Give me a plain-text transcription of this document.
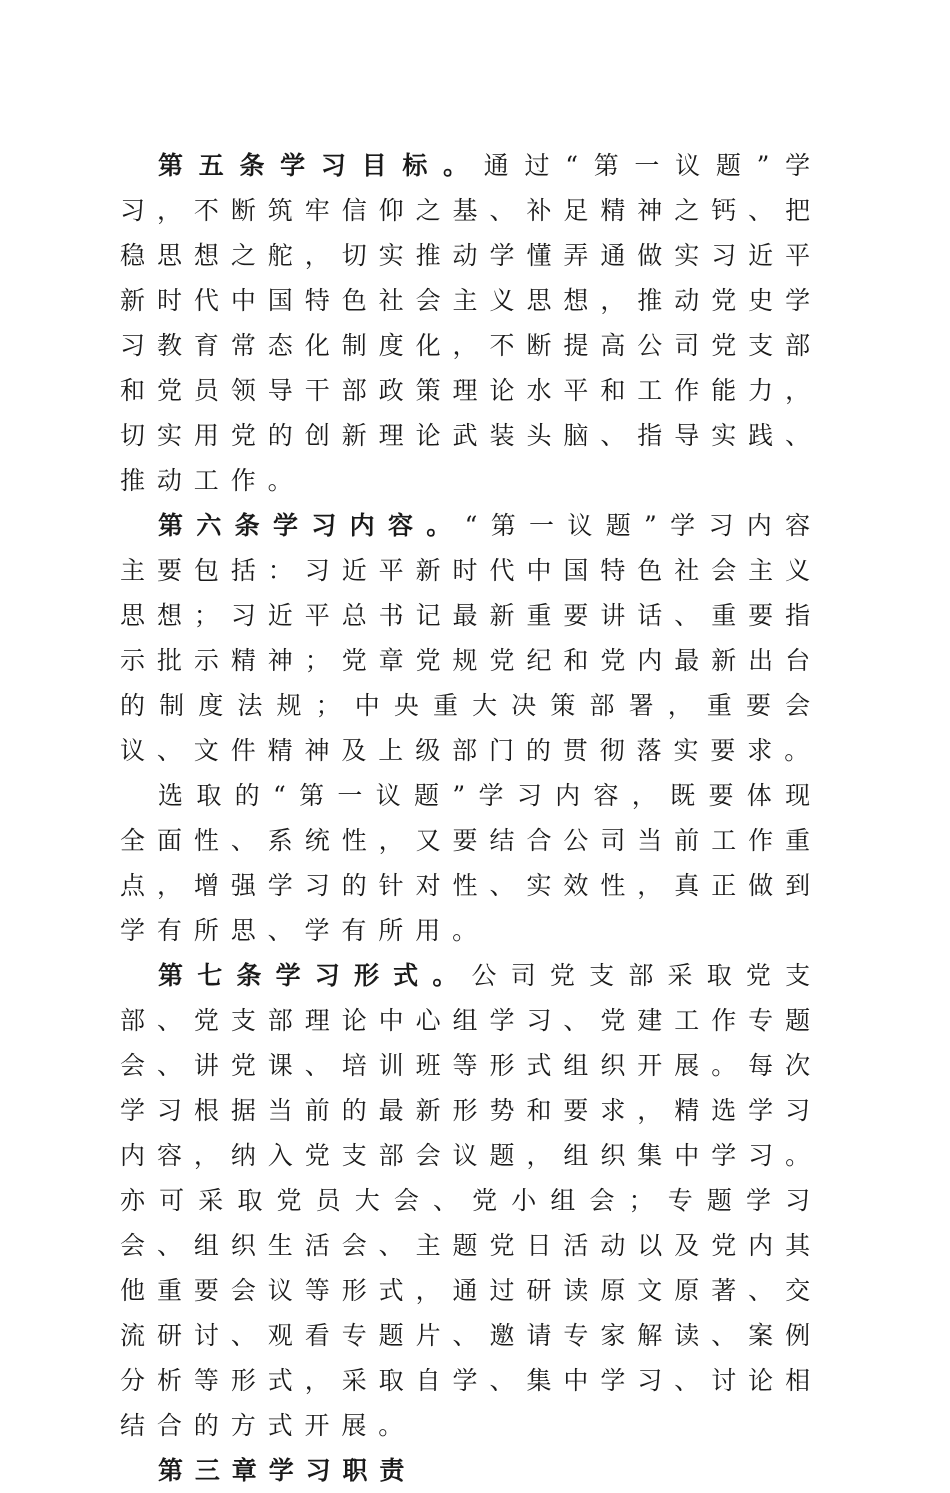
第五条学习目标。通过“第一议题”学习，不断筑牢信仰之基、补足精神之钙、把稳思想之舵，切实推动学懂弄通做实习近平新时代中国特色社会主义思想，推动党史学习教育常态化制度化，不断提高公司党支部和党员领导干部政策理论水平和工作能力，切实用党的创新理论武装头脑、指导实践、推动工作。

第六条学习内容。“第一议题”学习内容主要包括：习近平新时代中国特色社会主义思想；习近平总书记最新重要讲话、重要指示批示精神；党章党规党纪和党内最新出台的制度法规；中央重大决策部署，重要会议、文件精神及上级部门的贯彻落实要求。

选取的“第一议题”学习内容，既要体现全面性、系统性，又要结合公司当前工作重点，增强学习的针对性、实效性，真正做到学有所思、学有所用。

第七条学习形式。公司党支部采取党支部、党支部理论中心组学习、党建工作专题会、讲党课、培训班等形式组织开展。每次学习根据当前的最新形势和要求，精选学习内容，纳入党支部会议题，组织集中学习。亦可采取党员大会、党小组会；专题学习会、组织生活会、主题党日活动以及党内其他重要会议等形式，通过研读原文原著、交流研讨、观看专题片、邀请专家解读、案例分析等形式，采取自学、集中学习、讨论相结合的方式开展。

第三章学习职责
